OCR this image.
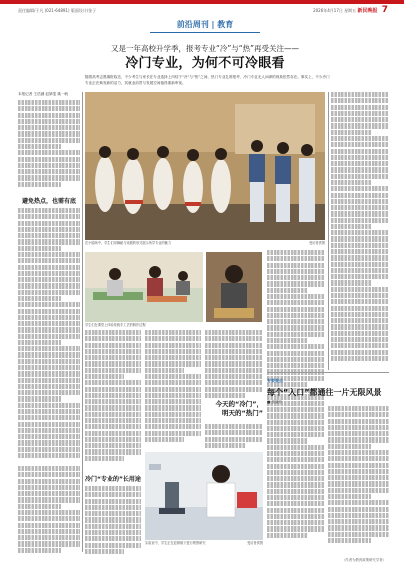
责任编辑/于凡 (021-64891) 版面设计/金子	2026年4月17日 星期五 新民晚报 7
前沿周刊 | 教育
又是一年高校升学季，报考专业“冷”与“热”再受关注——
冷门专业，为何不可冷眼看
随着高考志愿填报临近，不少考生与家长在专业选择上纠结于“冷”与“热”之间，热门专业扎堆报考、冷门专业无人问津的现象依然存在。事实上，不少冷门专业正在焕发新的活力，其就业前景与发展空间值得重新审视。
在小剧场中，学生们用舞蹈与戏剧的形式展示所学专业的魅力	受访者供图
学生们在课堂上体验传统手工艺的制作过程
实验室中，学生正在显微镜下进行观察研究	受访者供图
本报记者 王语涵 赵婧雯 姚一帆
避免热点，也需有底
冷门“专业的”长用途
今天的“冷门”，
明天的“热门”
专家观点
每个“入口”都通往一片无限风景
■ 张晓东
（作者为教育政策研究学者）
